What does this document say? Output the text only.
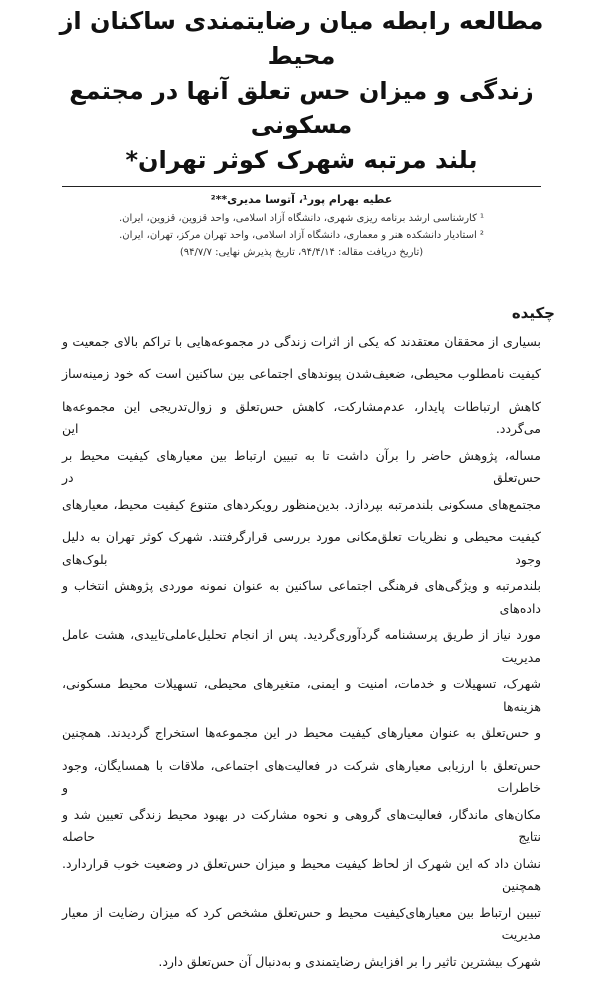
مطالعه رابطه میان رضایتمندی ساکنان از محیط
زندگی و میزان حس تعلق آنها در مجتمع مسکونی
بلند مرتبه شهرک کوثر تهران*
عطیه بهرام پور¹، آتوسا مدیری**²
¹ کارشناسی ارشد برنامه ریزی شهری، دانشگاه آزاد اسلامی، واحد قزوین، قزوین، ایران.
² استادیار دانشکده هنر و معماری، دانشگاه آزاد اسلامی، واحد تهران مرکز، تهران، ایران.
(تاریخ دریافت مقاله: ۹۴/۴/۱۴، تاریخ پذیرش نهایی: ۹۴/۷/۷)
چکیده
بسیاری از محققان معتقدند که یکی از اثرات زندگی در مجموعه‌هایی با تراکم بالای جمعیت و
کیفیت نامطلوب محیطی، ضعیف‌شدن پیوندهای اجتماعی بین ساکنین است که خود زمینه‌ساز
کاهش ارتباطات پایدار، عدم‌مشارکت، کاهش حس‌تعلق و زوال‌تدریجی این مجموعه‌ها می‌گردد. این
مساله، پژوهش حاضر را برآن داشت تا به تبیین ارتباط بین معیارهای کیفیت محیط بر حس‌تعلق در
مجتمع‌های مسکونی بلندمرتبه بپردازد. بدین‌منظور رویکردهای متنوع کیفیت محیط، معیارهای
کیفیت محیطی و نظریات تعلق‌مکانی مورد بررسی قرارگرفتند. شهرک کوثر تهران به دلیل وجود بلوک‌های
بلندمرتبه و ویژگی‌های فرهنگی اجتماعی ساکنین به عنوان نمونه موردی پژوهش انتخاب و داده‌های
مورد نیاز از طریق پرسشنامه گردآوری‌گردید. پس از انجام تحلیل‌عاملی‌تاییدی، هشت عامل مدیریت
شهرک، تسهیلات و خدمات، امنیت و ایمنی، متغیرهای محیطی، تسهیلات محیط مسکونی، هزینه‌ها
و حس‌تعلق به عنوان معیارهای کیفیت محیط در این مجموعه‌ها استخراج گردیدند. همچنین
حس‌تعلق با ارزیابی معیارهای شرکت در فعالیت‌های اجتماعی، ملاقات با همسایگان، وجود خاطرات و
مکان‌های ماندگار، فعالیت‌های گروهی و نحوه مشارکت در بهبود محیط زندگی تعیین شد و نتایج حاصله
نشان داد که این شهرک از لحاظ کیفیت محیط و میزان حس‌تعلق در وضعیت خوب قراردارد. همچنین
تبیین ارتباط بین معیارهای‌کیفیت محیط و حس‌تعلق مشخص کرد که میزان رضایت از معیار مدیریت
شهرک بیشترین تاثیر را بر افزایش رضایتمندی و به‌دنبال آن حس‌تعلق دارد.
